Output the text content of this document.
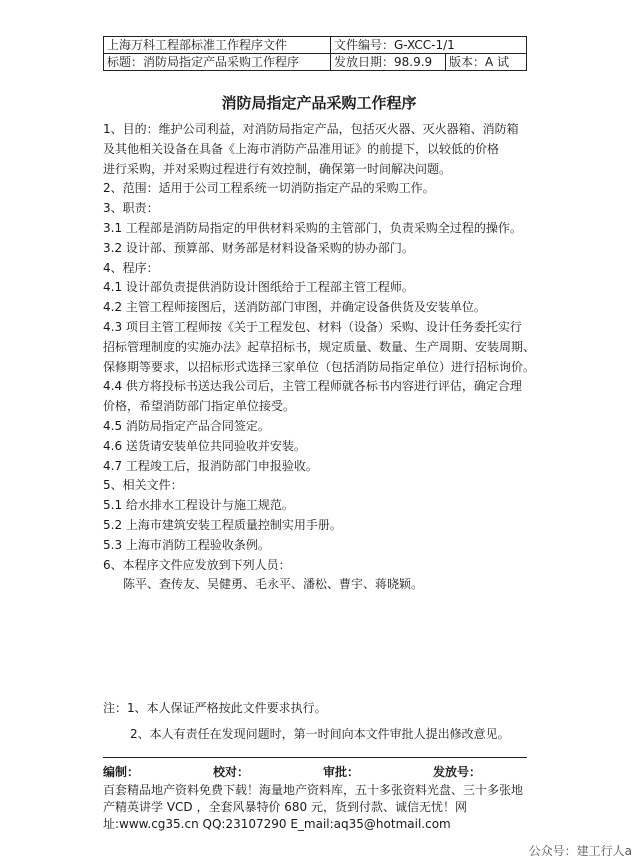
上海万科工程部标准工作程序文件	文件编号：G-XCC-1/1	
标题：消防局指定产品采购工作程序	发放日期：98.9.9	版本：A 试
消防局指定产品采购工作程序
1、目的：维护公司利益，对消防局指定产品，包括灭火器、灭火器箱、消防箱
及其他相关设备在具备《上海市消防产品准用证》的前提下，以较低的价格
进行采购，并对采购过程进行有效控制，确保第一时间解决问题。
2、范围：适用于公司工程系统一切消防指定产品的采购工作。
3、职责：
3.1 工程部是消防局指定的甲供材料采购的主管部门，负责采购全过程的操作。
3.2 设计部、预算部、财务部是材料设备采购的协办部门。
4、程序：
4.1 设计部负责提供消防设计图纸给于工程部主管工程师。
4.2 主管工程师接图后，送消防部门审图，并确定设备供货及安装单位。
4.3 项目主管工程师按《关于工程发包、材料（设备）采购、设计任务委托实行
招标管理制度的实施办法》起草招标书，规定质量、数量、生产周期、安装周期、
保修期等要求，以招标形式选择三家单位（包括消防局指定单位）进行招标询价。
4.4 供方将投标书送达我公司后，主管工程师就各标书内容进行评估，确定合理
价格，希望消防部门指定单位接受。
4.5 消防局指定产品合同签定。
4.6 送货请安装单位共同验收并安装。
4.7 工程竣工后，报消防部门申报验收。
5、相关文件：
5.1 给水排水工程设计与施工规范。
5.2 上海市建筑安装工程质量控制实用手册。
5.3 上海市消防工程验收条例。
6、本程序文件应发放到下列人员：
陈平、查传友、吴健勇、毛永平、潘松、曹宇、蒋晓颖。
注：1、本人保证严格按此文件要求执行。
2、本人有责任在发现问题时，第一时间向本文件审批人提出修改意见。
编制：	校对：	审批：	发放号：
百套精品地产资料免费下载！海量地产资料库，五十多张资料光盘、三十多张地
产精英讲学 VCD ，全套风暴特价 680 元，货到付款、诚信无忧！网
址:www.cg35.cn QQ:23107290 E_mail:aq35@hotmail.com
公众号：建工行人a
